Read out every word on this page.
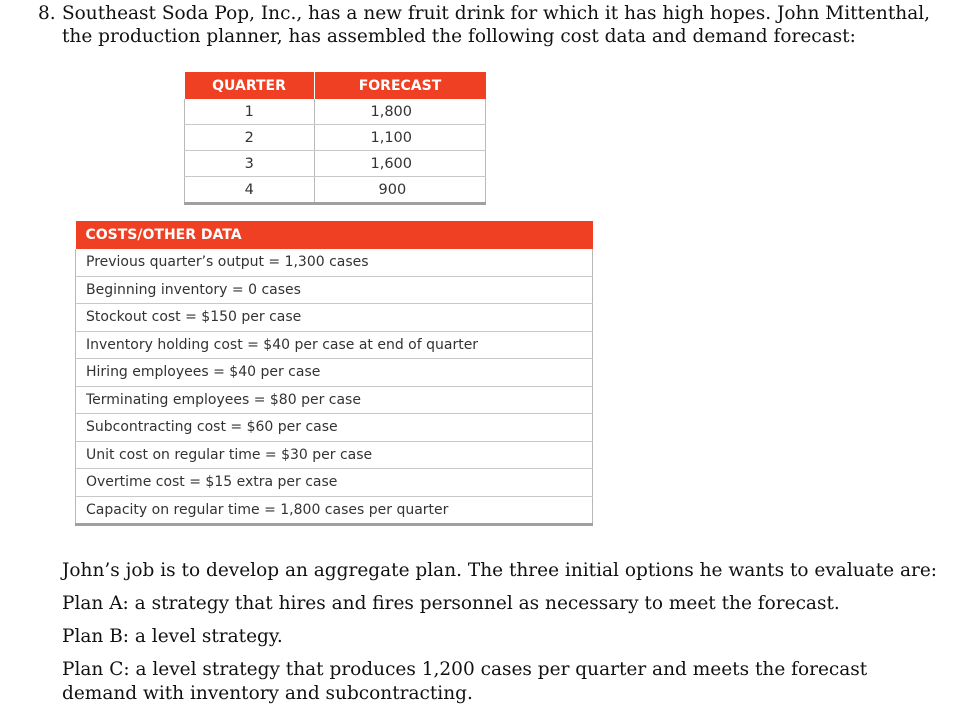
8. Southeast Soda Pop, Inc., has a new fruit drink for which it has high hopes. John Mittenthal, the production planner, has assembled the following cost data and demand forecast:
QUARTER	FORECAST
1	1,800
2	1,100
3	1,600
4	900
COSTS/OTHER DATA
Previous quarter’s output = 1,300 cases
Beginning inventory = 0 cases
Stockout cost = $150 per case
Inventory holding cost = $40 per case at end of quarter
Hiring employees = $40 per case
Terminating employees = $80 per case
Subcontracting cost = $60 per case
Unit cost on regular time = $30 per case
Overtime cost = $15 extra per case
Capacity on regular time = 1,800 cases per quarter
John’s job is to develop an aggregate plan. The three initial options he wants to evaluate are:
Plan A: a strategy that hires and fires personnel as necessary to meet the forecast.
Plan B: a level strategy.
Plan C: a level strategy that produces 1,200 cases per quarter and meets the forecast demand with inventory and subcontracting.
